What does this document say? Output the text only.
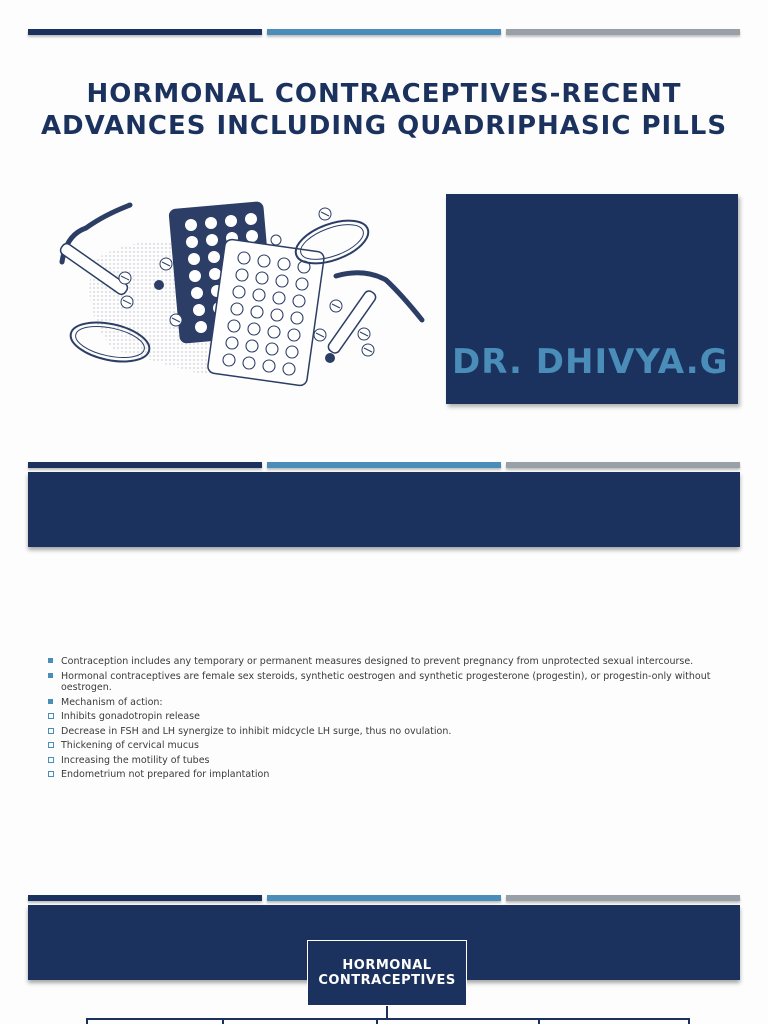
HORMONAL CONTRACEPTIVES-RECENT
ADVANCES INCLUDING QUADRIPHASIC PILLS
DR. DHIVYA.G
Contraception includes any temporary or permanent measures designed to prevent pregnancy from unprotected sexual intercourse.
Hormonal contraceptives are female sex steroids, synthetic oestrogen and synthetic progesterone (progestin), or progestin-only without oestrogen.
Mechanism of action:
Inhibits gonadotropin release
Decrease in FSH and LH synergize to inhibit midcycle LH surge, thus no ovulation.
Thickening of cervical mucus
Increasing the motility of tubes
Endometrium not prepared for implantation
HORMONAL
CONTRACEPTIVES
